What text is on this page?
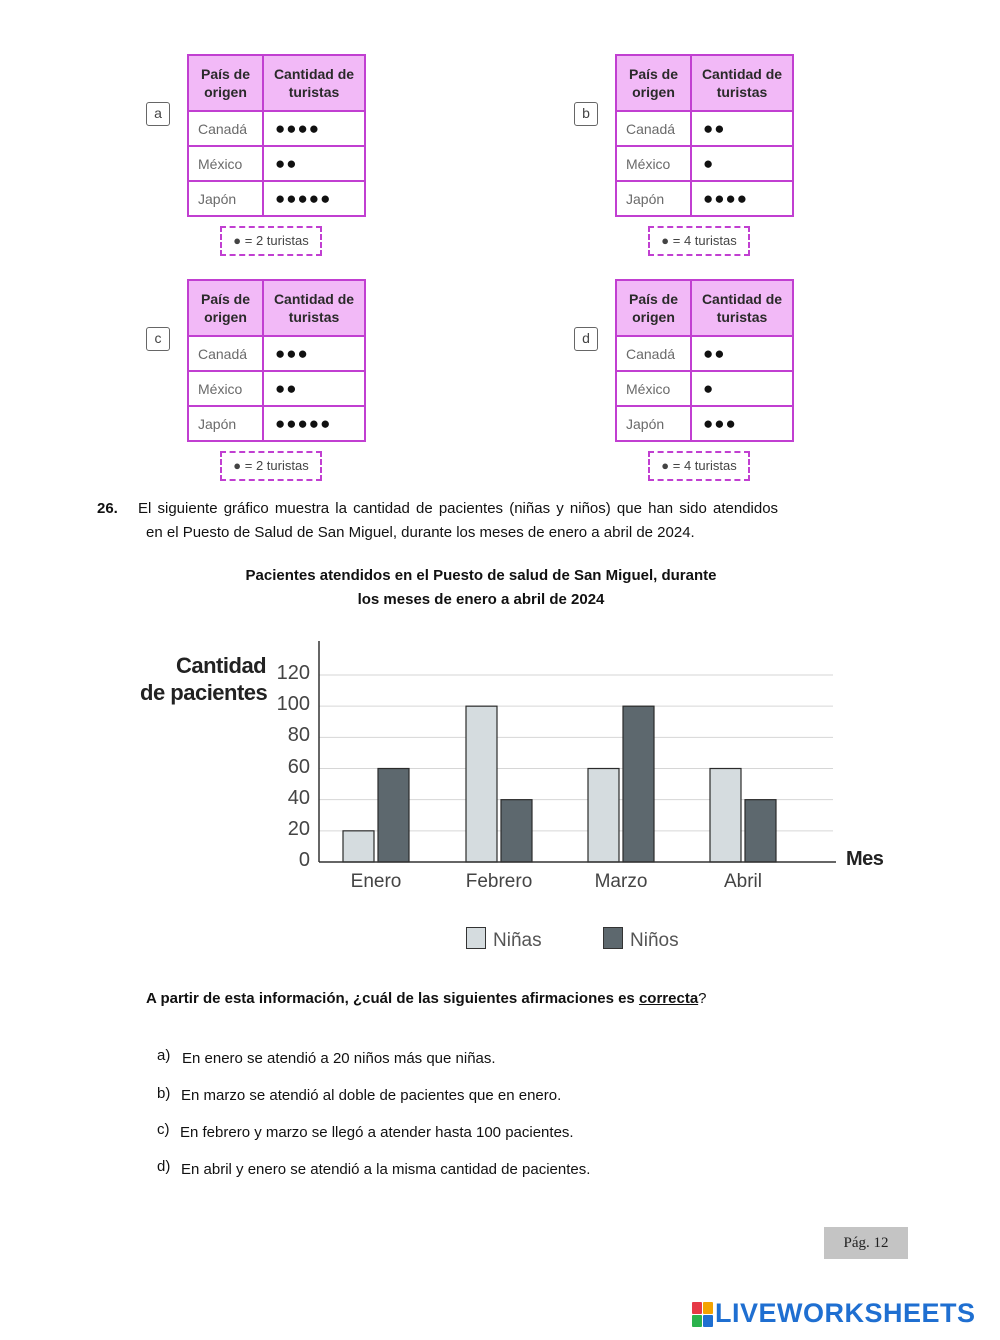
a
País de origen	Cantidad de turistas
Canadá	●●●●
México	●●
Japón	●●●●●
● = 2 turistas
b
País de origen	Cantidad de turistas
Canadá	●●
México	●
Japón	●●●●
● = 4 turistas
c
País de origen	Cantidad de turistas
Canadá	●●●
México	●●
Japón	●●●●●
● = 2 turistas
d
País de origen	Cantidad de turistas
Canadá	●●
México	●
Japón	●●●
● = 4 turistas
26. El siguiente gráfico muestra la cantidad de pacientes (niñas y niños) que han sido atendidos
en el Puesto de Salud de San Miguel, durante los meses de enero a abril de 2024.
Pacientes atendidos en el Puesto de salud de San Miguel, durante
los meses de enero a abril de 2024
Cantidad
de pacientes
Mes
0
20
40
60
80
100
120
Enero	Febrero	Marzo	Abril
Niñas	Niños
A partir de esta información, ¿cuál de las siguientes afirmaciones es correcta?
a) En enero se atendió a 20 niños más que niñas.
b) En marzo se atendió al doble de pacientes que en enero.
c) En febrero y marzo se llegó a atender hasta 100 pacientes.
d) En abril y enero se atendió a la misma cantidad de pacientes.
Pág. 12
LIVEWORKSHEETS
